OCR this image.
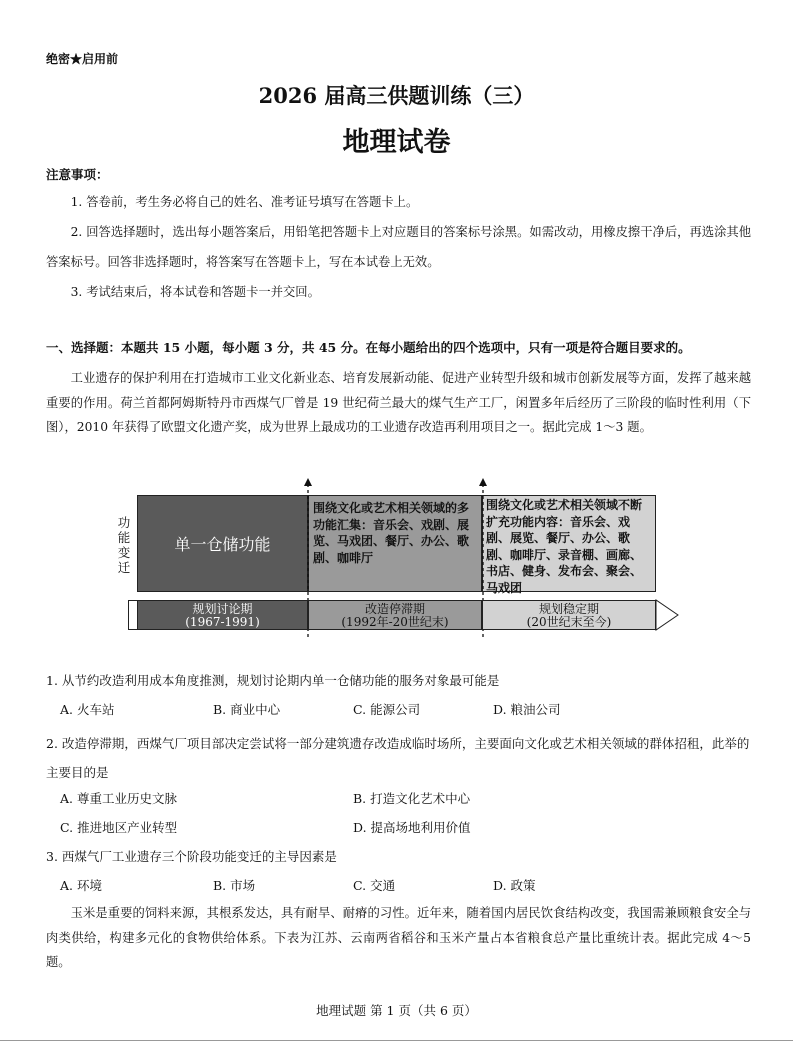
绝密★启用前
2026 届高三供题训练（三）
地理试卷
注意事项：
1. 答卷前，考生务必将自己的姓名、准考证号填写在答题卡上。
2. 回答选择题时，选出每小题答案后，用铅笔把答题卡上对应题目的答案标号涂黑。如需改动，用橡皮擦干净后，再选涂其他答案标号。回答非选择题时，将答案写在答题卡上，写在本试卷上无效。
3. 考试结束后，将本试卷和答题卡一并交回。
一、选择题：本题共 15 小题，每小题 3 分，共 45 分。在每小题给出的四个选项中，只有一项是符合题目要求的。
工业遗存的保护利用在打造城市工业文化新业态、培育发展新动能、促进产业转型升级和城市创新发展等方面，发挥了越来越重要的作用。荷兰首都阿姆斯特丹市西煤气厂曾是 19 世纪荷兰最大的煤气生产工厂，闲置多年后经历了三阶段的临时性利用（下图），2010 年获得了欧盟文化遗产奖，成为世界上最成功的工业遗存改造再利用项目之一。据此完成 1～3 题。
功能变迁
单一仓储功能
围绕文化或艺术相关领域的多功能汇集：音乐会、戏剧、展览、马戏团、餐厅、办公、歌剧、咖啡厅
围绕文化或艺术相关领域不断扩充功能内容：音乐会、戏剧、展览、餐厅、办公、歌剧、咖啡厅、录音棚、画廊、书店、健身、发布会、聚会、马戏团
规划讨论期
(1967-1991)
改造停滞期
(1992年-20世纪末)
规划稳定期
(20世纪末至今)
1. 从节约改造利用成本角度推测，规划讨论期内单一仓储功能的服务对象最可能是
A. 火车站	B. 商业中心	C. 能源公司	D. 粮油公司
2. 改造停滞期，西煤气厂项目部决定尝试将一部分建筑遗存改造成临时场所，主要面向文化或艺术相关领域的群体招租，此举的主要目的是
A. 尊重工业历史文脉	B. 打造文化艺术中心
C. 推进地区产业转型	D. 提高场地利用价值
3. 西煤气厂工业遗存三个阶段功能变迁的主导因素是
A. 环境	B. 市场	C. 交通	D. 政策
玉米是重要的饲料来源，其根系发达，具有耐旱、耐瘠的习性。近年来，随着国内居民饮食结构改变，我国需兼顾粮食安全与肉类供给，构建多元化的食物供给体系。下表为江苏、云南两省稻谷和玉米产量占本省粮食总产量比重统计表。据此完成 4～5 题。
地理试题 第 1 页（共 6 页）
